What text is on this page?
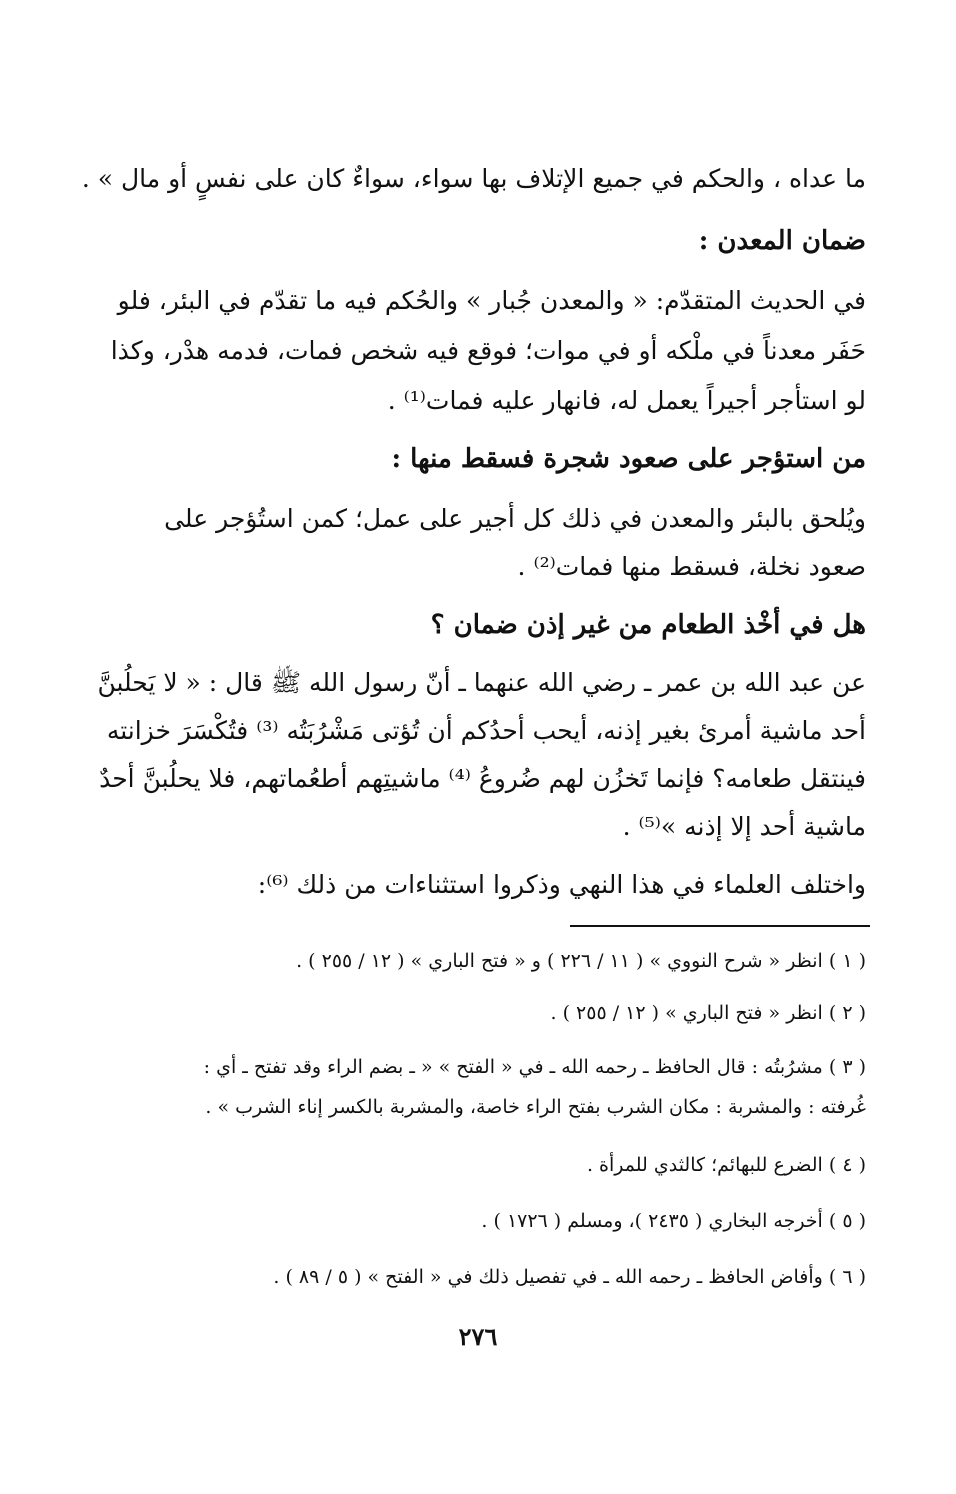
ما عداه ، والحكم في جميع الإتلاف بها سواء، سواءٌ كان على نفسٍ أو مال » .
ضمان المعدن :
في الحديث المتقدّم: « والمعدن جُبار » والحُكم فيه ما تقدّم في البئر، فلو
حَفَر معدناً في ملْكه أو في موات؛ فوقع فيه شخص فمات، فدمه هدْر، وكذا
لو استأجر أجيراً يعمل له، فانهار عليه فمات⁽¹⁾ .
من استؤجر على صعود شجرة فسقط منها :
ويُلحق بالبئر والمعدن في ذلك كل أجير على عمل؛ كمن استُؤجر على
صعود نخلة، فسقط منها فمات⁽²⁾ .
هل في أخْذ الطعام من غير إذن ضمان ؟
عن عبد الله بن عمر ـ رضي الله عنهما ـ أنّ رسول الله ﷺ قال : « لا يَحلُبنَّ
أحد ماشية أمرئ بغير إذنه، أيحب أحدُكم أن تُؤتى مَشْرُبَتُه ⁽³⁾ فتُكْسَرَ خزانته
فينتقل طعامه؟ فإنما تَخزُن لهم ضُروعُ ⁽⁴⁾ ماشيتِهم أطعُماتهم، فلا يحلُبنَّ أحدٌ
ماشية أحد إلا إذنه »⁽⁵⁾ .
واختلف العلماء في هذا النهي وذكروا استثناءات من ذلك ⁽⁶⁾:
( ١ ) انظر « شرح النووي » ( ١١ / ٢٢٦ ) و « فتح الباري » ( ١٢ / ٢٥٥ ) .
( ٢ ) انظر « فتح الباري » ( ١٢ / ٢٥٥ ) .
( ٣ ) مشرُبتُه : قال الحافظ ـ رحمه الله ـ في « الفتح » « ـ بضم الراء وقد تفتح ـ أي :
غُرفته : والمشربة : مكان الشرب بفتح الراء خاصة، والمشربة بالكسر إناء الشرب » .
( ٤ ) الضرع للبهائم؛ كالثدي للمرأة .
( ٥ ) أخرجه البخاري ( ٢٤٣٥ )، ومسلم ( ١٧٢٦ ) .
( ٦ ) وأفاض الحافظ ـ رحمه الله ـ في تفصيل ذلك في « الفتح » ( ٥ / ٨٩ ) .
٢٧٦
